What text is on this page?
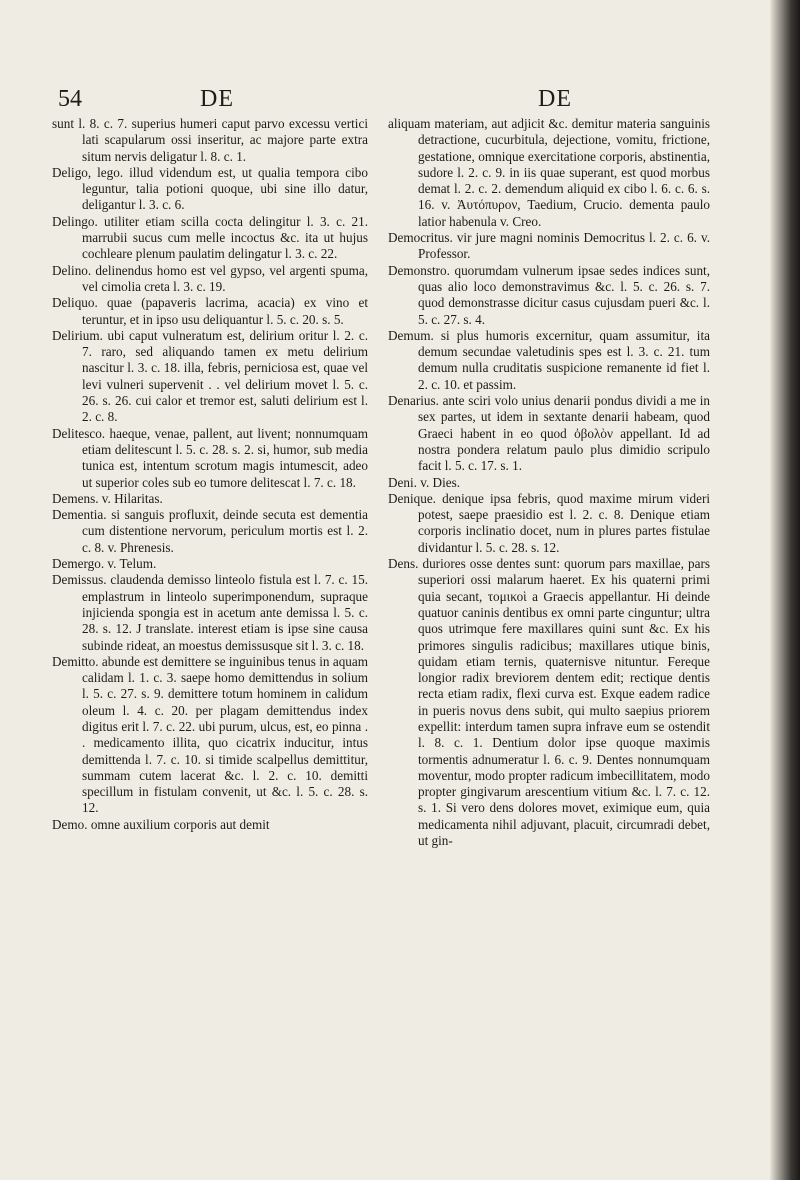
54	DE	DE
sunt l. 8. c. 7. superius humeri caput parvo excessu vertici lati scapularum ossi inseritur, ac majore parte extra situm nervis deligatur l. 8. c. 1.
Deligo, lego. illud videndum est, ut qualia tempora cibo leguntur, talia potioni quoque, ubi sine illo datur, deligantur l. 3. c. 6.
Delingo. utiliter etiam scilla cocta delingitur l. 3. c. 21. marrubii sucus cum melle incoctus &c. ita ut hujus cochleare plenum paulatim delingatur l. 3. c. 22.
Delino. delinendus homo est vel gypso, vel argenti spuma, vel cimolia creta l. 3. c. 19.
Deliquo. quae (papaveris lacrima, acacia) ex vino et teruntur, et in ipso usu deliquantur l. 5. c. 20. s. 5.
Delirium. ubi caput vulneratum est, delirium oritur l. 2. c. 7. raro, sed aliquando tamen ex metu delirium nascitur l. 3. c. 18. illa, febris, perniciosa est, quae vel levi vulneri supervenit . . vel delirium movet l. 5. c. 26. s. 26. cui calor et tremor est, saluti delirium est l. 2. c. 8.
Delitesco. haeque, venae, pallent, aut livent; nonnumquam etiam delitescunt l. 5. c. 28. s. 2. si, humor, sub media tunica est, intentum scrotum magis intumescit, adeo ut superior coles sub eo tumore delitescat l. 7. c. 18.
Demens. v. Hilaritas.
Dementia. si sanguis profluxit, deinde secuta est dementia cum distentione nervorum, periculum mortis est l. 2. c. 8. v. Phrenesis.
Demergo. v. Telum.
Demissus. claudenda demisso linteolo fistula est l. 7. c. 15. emplastrum in linteolo superimponendum, supraque injicienda spongia est in acetum ante demissa l. 5. c. 28. s. 12. J translate. interest etiam is ipse sine causa subinde rideat, an moestus demissusque sit l. 3. c. 18.
Demitto. abunde est demittere se inguinibus tenus in aquam calidam l. 1. c. 3. saepe homo demittendus in solium l. 5. c. 27. s. 9. demittere totum hominem in calidum oleum l. 4. c. 20. per plagam demittendus index digitus erit l. 7. c. 22. ubi purum, ulcus, est, eo pinna . . medicamento illita, quo cicatrix inducitur, intus demittenda l. 7. c. 10. si timide scalpellus demittitur, summam cutem lacerat &c. l. 2. c. 10. demitti specillum in fistulam convenit, ut &c. l. 5. c. 28. s. 12.
Demo. omne auxilium corporis aut demit
aliquam materiam, aut adjicit &c. demitur materia sanguinis detractione, cucurbitula, dejectione, vomitu, frictione, gestatione, omnique exercitatione corporis, abstinentia, sudore l. 2. c. 9. in iis quae superant, est quod morbus demat l. 2. c. 2. demendum aliquid ex cibo l. 6. c. 6. s. 16. v. Ἀυτόπυρον, Taedium, Crucio. dementa paulo latior habenula v. Creo.
Democritus. vir jure magni nominis Democritus l. 2. c. 6. v. Professor.
Demonstro. quorumdam vulnerum ipsae sedes indices sunt, quas alio loco demonstravimus &c. l. 5. c. 26. s. 7. quod demonstrasse dicitur casus cujusdam pueri &c. l. 5. c. 27. s. 4.
Demum. si plus humoris excernitur, quam assumitur, ita demum secundae valetudinis spes est l. 3. c. 21. tum demum nulla cruditatis suspicione remanente id fiet l. 2. c. 10. et passim.
Denarius. ante sciri volo unius denarii pondus dividi a me in sex partes, ut idem in sextante denarii habeam, quod Graeci habent in eo quod ὀβολὸν appellant. Id ad nostra pondera relatum paulo plus dimidio scripulo facit l. 5. c. 17. s. 1.
Deni. v. Dies.
Denique. denique ipsa febris, quod maxime mirum videri potest, saepe praesidio est l. 2. c. 8. Denique etiam corporis inclinatio docet, num in plures partes fistulae dividantur l. 5. c. 28. s. 12.
Dens. duriores osse dentes sunt: quorum pars maxillae, pars superiori ossi malarum haeret. Ex his quaterni primi quia secant, τομικοὶ a Graecis appellantur. Hi deinde quatuor caninis dentibus ex omni parte cinguntur; ultra quos utrimque fere maxillares quini sunt &c. Ex his primores singulis radicibus; maxillares utique binis, quidam etiam ternis, quaternisve nituntur. Fereque longior radix breviorem dentem edit; rectique dentis recta etiam radix, flexi curva est. Exque eadem radice in pueris novus dens subit, qui multo saepius priorem expellit: interdum tamen supra infrave eum se ostendit l. 8. c. 1. Dentium dolor ipse quoque maximis tormentis adnumeratur l. 6. c. 9. Dentes nonnumquam moventur, modo propter radicum imbecillitatem, modo propter gingivarum arescentium vitium &c. l. 7. c. 12. s. 1. Si vero dens dolores movet, eximique eum, quia medicamenta nihil adjuvant, placuit, circumradi debet, ut gin-
